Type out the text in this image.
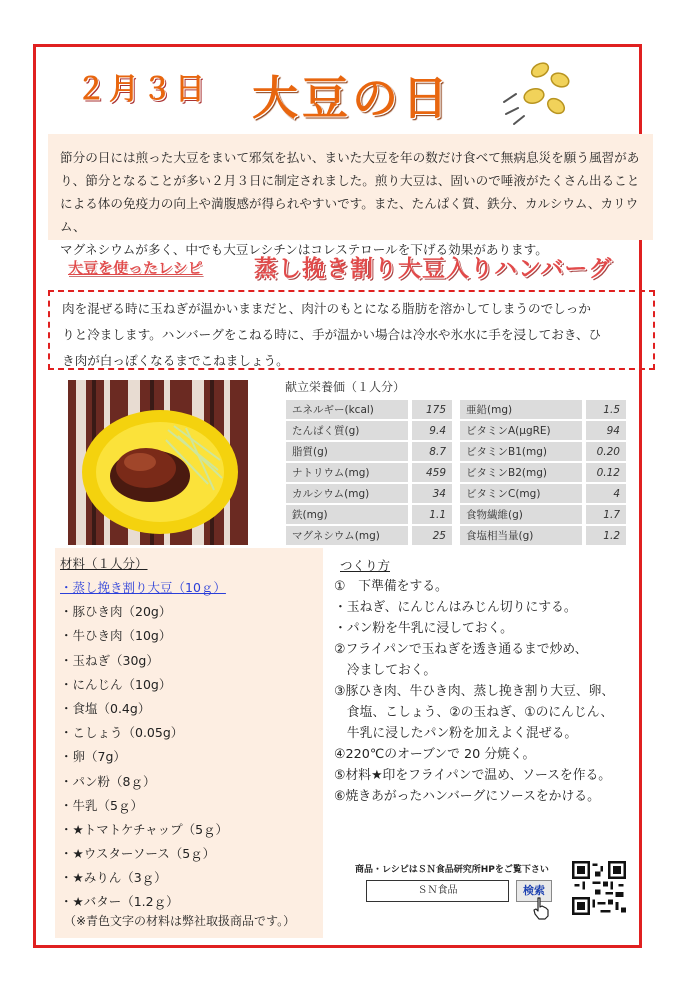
２月３日 大豆の日
節分の日には煎った大豆をまいて邪気を払い、まいた大豆を年の数だけ食べて無病息災を願う風習があ
り、節分となることが多い２月３日に制定されました。煎り大豆は、固いので唾液がたくさん出ること
による体の免疫力の向上や満腹感が得られやすいです。また、たんぱく質、鉄分、カルシウム、カリウム、
マグネシウムが多く、中でも大豆レシチンはコレステロールを下げる効果があります。
大豆を使ったレシピ 蒸し挽き割り大豆入りハンバーグ
肉を混ぜる時に玉ねぎが温かいままだと、肉汁のもとになる脂肪を溶かしてしまうのでしっか
りと冷まします。ハンバーグをこねる時に、手が温かい場合は冷水や氷水に手を浸しておき、ひ
き肉が白っぽくなるまでこねましょう。
献立栄養価（１人分）
エネルギー(kcal)	175		亜鉛(mg)	1.5
たんぱく質(g)	9.4		ビタミンA(μgRE)	94
脂質(g)	8.7		ビタミンB1(mg)	0.20
ナトリウム(mg)	459		ビタミンB2(mg)	0.12
カルシウム(mg)	34		ビタミンC(mg)	4
鉄(mg)	1.1		食物繊維(g)	1.7
マグネシウム(mg)	25		食塩相当量(g)	1.2
材料（１人分）
・蒸し挽き割り大豆（10ｇ）
・豚ひき肉（20g）
・牛ひき肉（10g）
・玉ねぎ（30g）
・にんじん（10g）
・食塩（0.4g）
・こしょう（0.05g）
・卵（7g）
・パン粉（8ｇ）
・牛乳（5ｇ）
・★トマトケチャップ（5ｇ）
・★ウスターソース（5ｇ）
・★みりん（3ｇ）
・★バター（1.2ｇ）
（※青色文字の材料は弊社取扱商品です。）
つくり方
①　下準備をする。
・玉ねぎ、にんじんはみじん切りにする。
・パン粉を牛乳に浸しておく。
②フライパンで玉ねぎを透き通るまで炒め、
　冷ましておく。
③豚ひき肉、牛ひき肉、蒸し挽き割り大豆、卵、
　食塩、こしょう、②の玉ねぎ、①のにんじん、
　牛乳に浸したパン粉を加えよく混ぜる。
④220℃のオーブンで 20 分焼く。
⑤材料★印をフライパンで温め、ソースを作る。
⑥焼きあがったハンバーグにソースをかける。
商品・レシピはＳＮ食品研究所HPをご覧下さい
ＳＮ食品	検索
